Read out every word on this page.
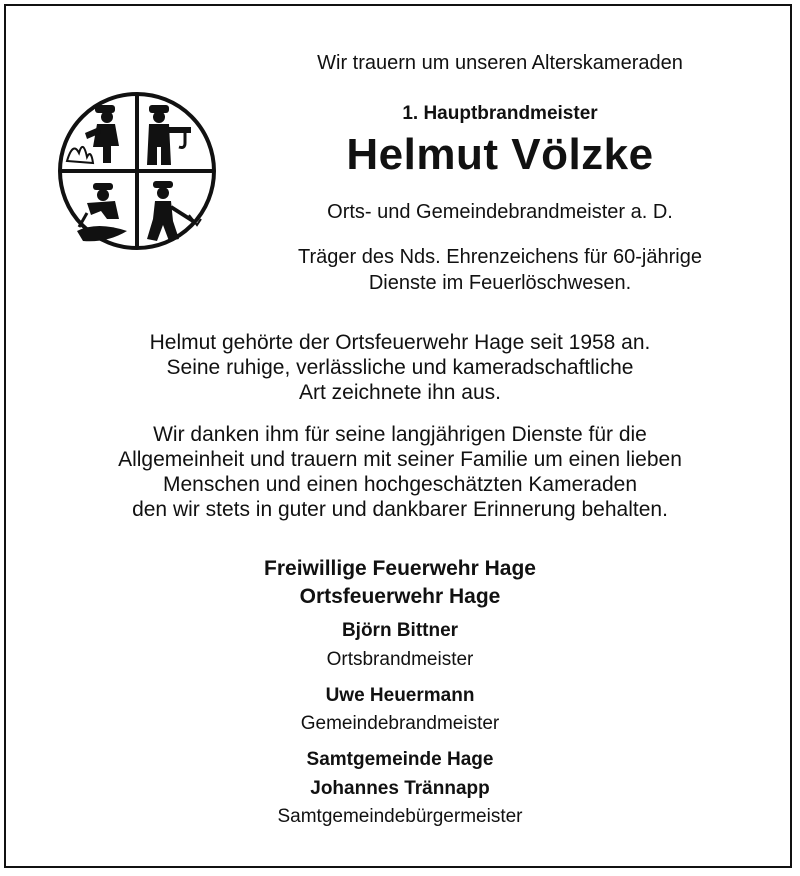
Wir trauern um unseren Alterskameraden
1. Hauptbrandmeister
Helmut Völzke
Orts- und Gemeindebrandmeister a. D.
Träger des Nds. Ehrenzeichens für 60-jährige
Dienste im Feuerlöschwesen.
Helmut gehörte der Ortsfeuerwehr Hage seit 1958 an.
Seine ruhige, verlässliche und kameradschaftliche
Art zeichnete ihn aus.
Wir danken ihm für seine langjährigen Dienste für die
Allgemeinheit und trauern mit seiner Familie um einen lieben
Menschen und einen hochgeschätzten Kameraden
den wir stets in guter und dankbarer Erinnerung behalten.
Freiwillige Feuerwehr Hage
Ortsfeuerwehr Hage
Björn Bittner
Ortsbrandmeister
Uwe Heuermann
Gemeindebrandmeister
Samtgemeinde Hage
Johannes Trännapp
Samtgemeindebürgermeister
